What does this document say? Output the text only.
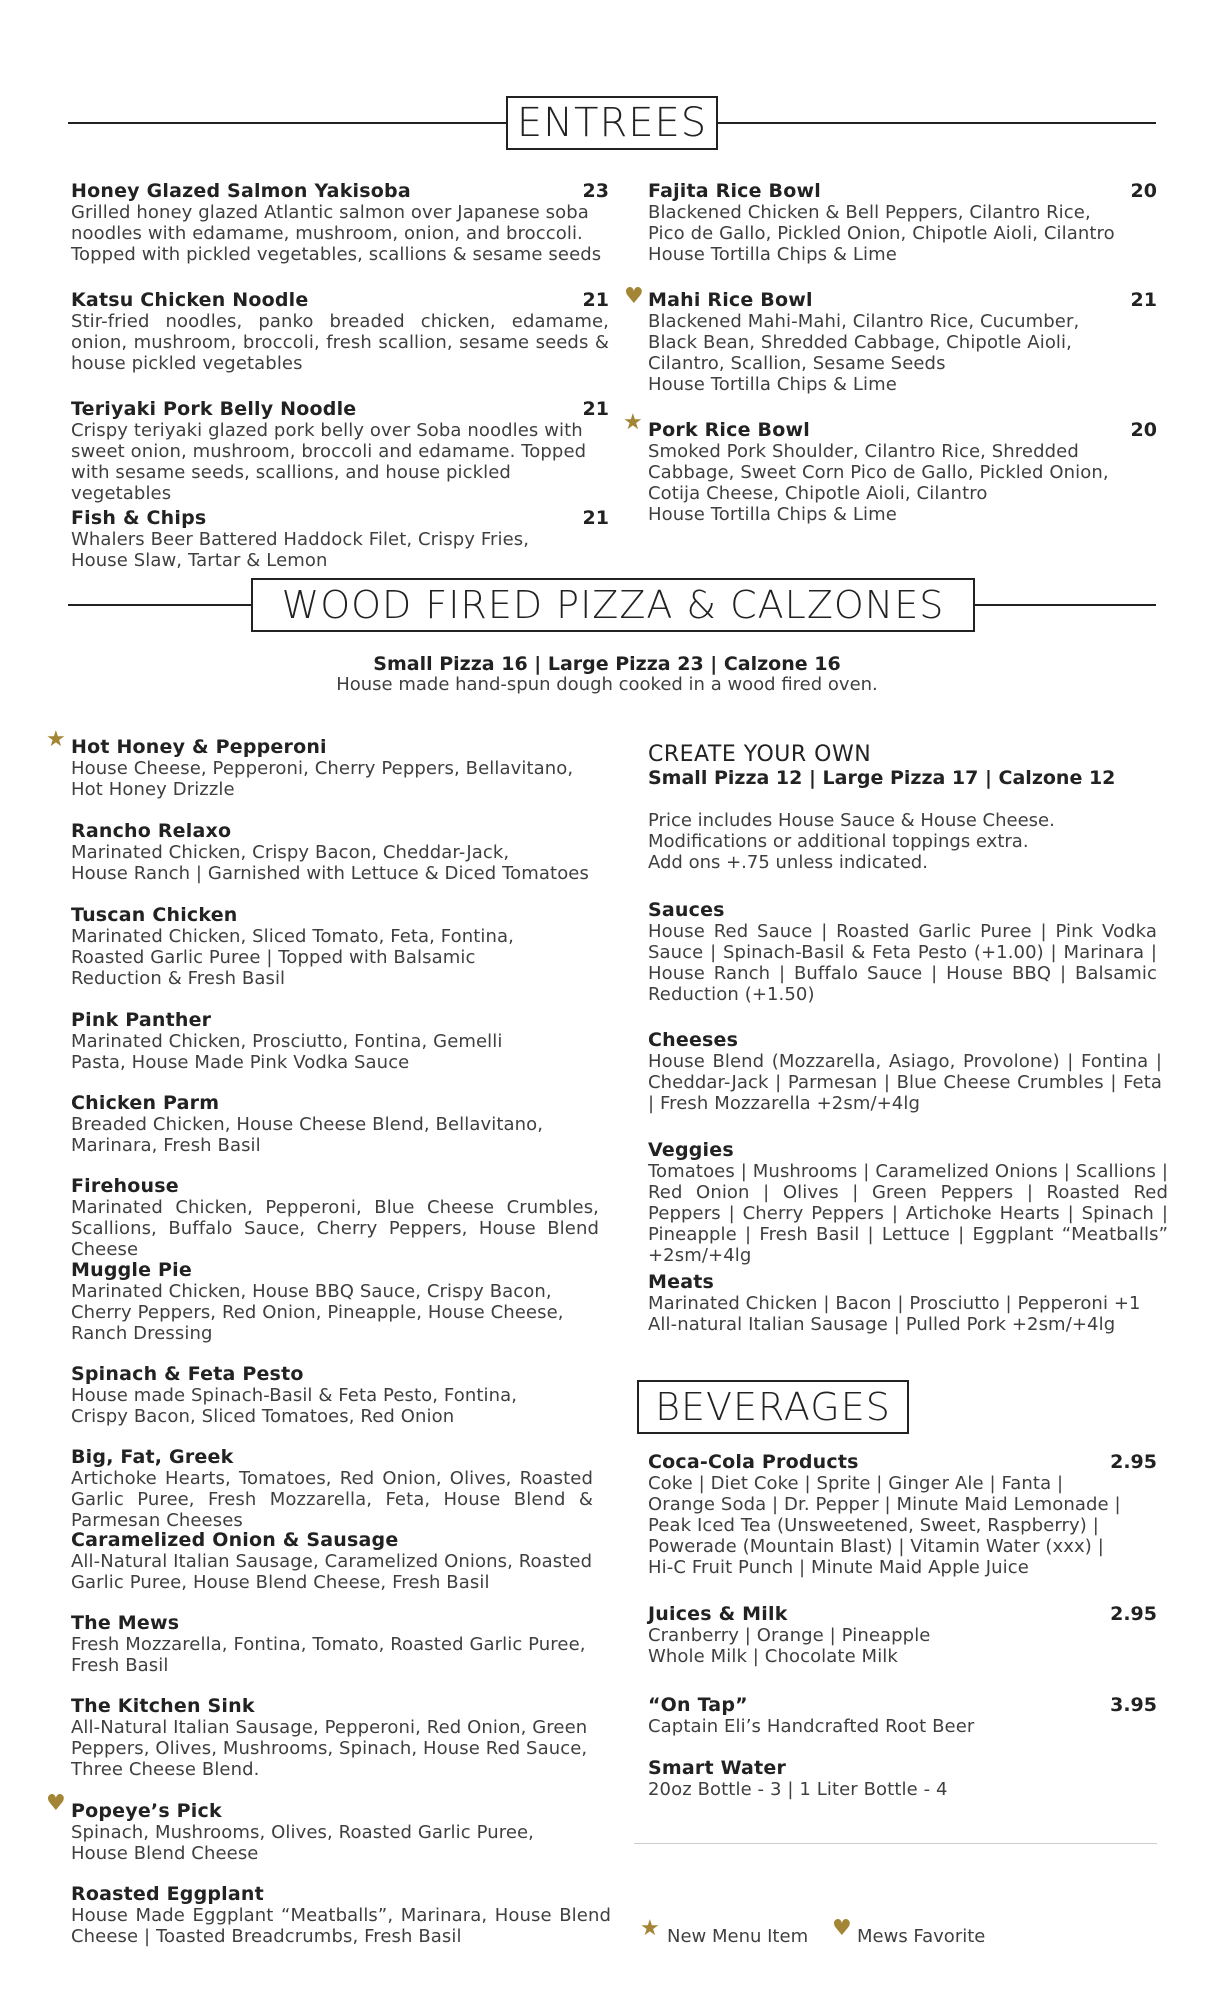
ENTREES
Honey Glazed Salmon Yakisoba	23
Grilled honey glazed Atlantic salmon over Japanese soba
noodles with edamame, mushroom, onion, and broccoli.
Topped with pickled vegetables, scallions & sesame seeds
Katsu Chicken Noodle	21
Stir-fried noodles, panko breaded chicken, edamame, onion, mushroom, broccoli, fresh scallion, sesame seeds & house pickled vegetables
Teriyaki Pork Belly Noodle	21
Crispy teriyaki glazed pork belly over Soba noodles with
sweet onion, mushroom, broccoli and edamame. Topped
with sesame seeds, scallions, and house pickled vegetables
Fish & Chips	21
Whalers Beer Battered Haddock Filet, Crispy Fries,
House Slaw, Tartar & Lemon
Fajita Rice Bowl	20
Blackened Chicken & Bell Peppers, Cilantro Rice,
Pico de Gallo, Pickled Onion, Chipotle Aioli, Cilantro
House Tortilla Chips & Lime
♥ Mahi Rice Bowl	21
Blackened Mahi-Mahi, Cilantro Rice, Cucumber,
Black Bean, Shredded Cabbage, Chipotle Aioli,
Cilantro, Scallion, Sesame Seeds
House Tortilla Chips & Lime
★ Pork Rice Bowl	20
Smoked Pork Shoulder, Cilantro Rice, Shredded
Cabbage, Sweet Corn Pico de Gallo, Pickled Onion,
Cotija Cheese, Chipotle Aioli, Cilantro
House Tortilla Chips & Lime
WOOD FIRED PIZZA & CALZONES
Small Pizza 16 | Large Pizza 23 | Calzone 16
House made hand-spun dough cooked in a wood fired oven.
★ Hot Honey & Pepperoni
House Cheese, Pepperoni, Cherry Peppers, Bellavitano,
Hot Honey Drizzle
Rancho Relaxo
Marinated Chicken, Crispy Bacon, Cheddar-Jack,
House Ranch | Garnished with Lettuce & Diced Tomatoes
Tuscan Chicken
Marinated Chicken, Sliced Tomato, Feta, Fontina,
Roasted Garlic Puree | Topped with Balsamic
Reduction & Fresh Basil
Pink Panther
Marinated Chicken, Prosciutto, Fontina, Gemelli
Pasta, House Made Pink Vodka Sauce
Chicken Parm
Breaded Chicken, House Cheese Blend, Bellavitano,
Marinara, Fresh Basil
Firehouse
Marinated Chicken, Pepperoni, Blue Cheese Crumbles, Scallions, Buffalo Sauce, Cherry Peppers, House Blend Cheese
Muggle Pie
Marinated Chicken, House BBQ Sauce, Crispy Bacon,
Cherry Peppers, Red Onion, Pineapple, House Cheese,
Ranch Dressing
Spinach & Feta Pesto
House made Spinach-Basil & Feta Pesto, Fontina,
Crispy Bacon, Sliced Tomatoes, Red Onion
Big, Fat, Greek
Artichoke Hearts, Tomatoes, Red Onion, Olives, Roasted Garlic Puree, Fresh Mozzarella, Feta, House Blend & Parmesan Cheeses
Caramelized Onion & Sausage
All-Natural Italian Sausage, Caramelized Onions, Roasted
Garlic Puree, House Blend Cheese, Fresh Basil
The Mews
Fresh Mozzarella, Fontina, Tomato, Roasted Garlic Puree,
Fresh Basil
The Kitchen Sink
All-Natural Italian Sausage, Pepperoni, Red Onion, Green
Peppers, Olives, Mushrooms, Spinach, House Red Sauce,
Three Cheese Blend.
♥ Popeye’s Pick
Spinach, Mushrooms, Olives, Roasted Garlic Puree,
House Blend Cheese
Roasted Eggplant
House Made Eggplant “Meatballs”, Marinara, House Blend Cheese | Toasted Breadcrumbs, Fresh Basil
CREATE YOUR OWN
Small Pizza 12 | Large Pizza 17 | Calzone 12
Price includes House Sauce & House Cheese.
Modifications or additional toppings extra.
Add ons +.75 unless indicated.
Sauces
House Red Sauce | Roasted Garlic Puree | Pink Vodka Sauce | Spinach-Basil & Feta Pesto (+1.00) | Marinara | House Ranch | Buffalo Sauce | House BBQ | Balsamic Reduction (+1.50)
Cheeses
House Blend (Mozzarella, Asiago, Provolone) | Fontina | Cheddar-Jack | Parmesan | Blue Cheese Crumbles | Feta | Fresh Mozzarella +2sm/+4lg
Veggies
Tomatoes | Mushrooms | Caramelized Onions | Scallions | Red Onion | Olives | Green Peppers | Roasted Red Peppers | Cherry Peppers | Artichoke Hearts | Spinach | Pineapple | Fresh Basil | Lettuce | Eggplant “Meatballs” +2sm/+4lg
Meats
Marinated Chicken | Bacon | Prosciutto | Pepperoni +1
All-natural Italian Sausage | Pulled Pork +2sm/+4lg
BEVERAGES
Coca-Cola Products	2.95
Coke | Diet Coke | Sprite | Ginger Ale | Fanta |
Orange Soda | Dr. Pepper | Minute Maid Lemonade |
Peak Iced Tea (Unsweetened, Sweet, Raspberry) |
Powerade (Mountain Blast) | Vitamin Water (xxx) |
Hi-C Fruit Punch | Minute Maid Apple Juice
Juices & Milk	2.95
Cranberry | Orange | Pineapple
Whole Milk | Chocolate Milk
“On Tap”	3.95
Captain Eli’s Handcrafted Root Beer
Smart Water
20oz Bottle - 3 | 1 Liter Bottle - 4
★ New Menu Item ♥ Mews Favorite
